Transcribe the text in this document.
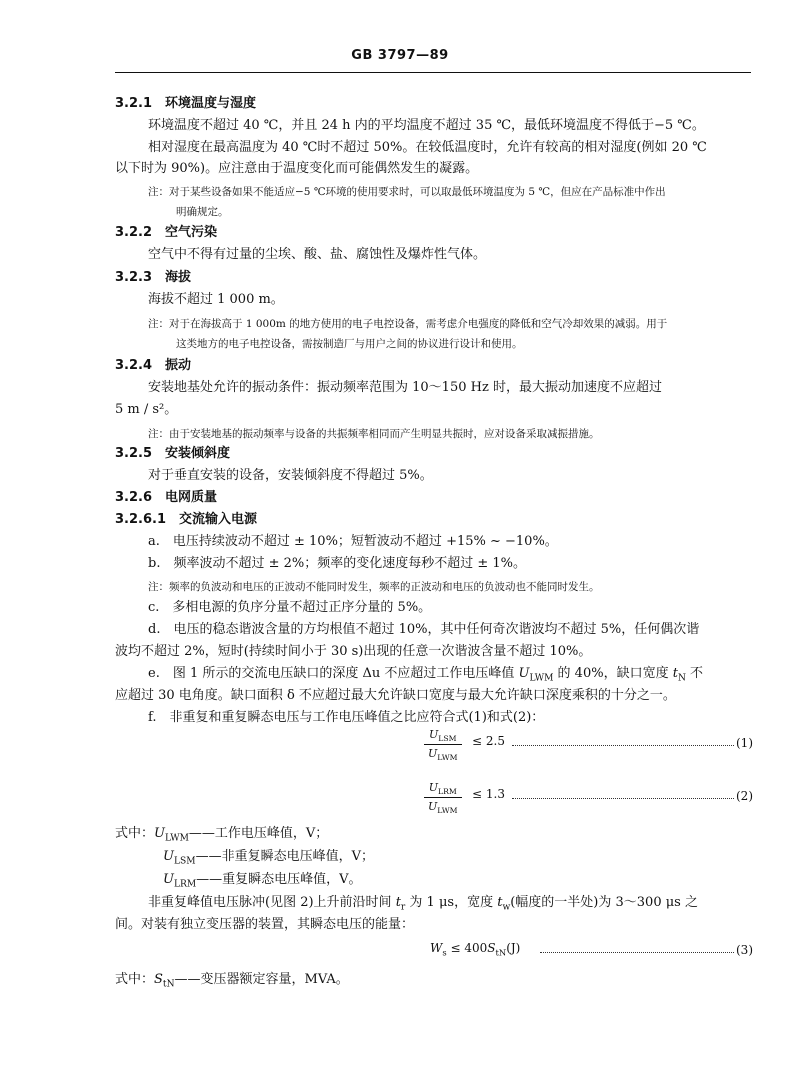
GB 3797—89
3.2.1　环境温度与湿度
环境温度不超过 40 ℃，并且 24 h 内的平均温度不超过 35 ℃，最低环境温度不得低于−5 ℃。
相对湿度在最高温度为 40 ℃时不超过 50%。在较低温度时，允许有较高的相对湿度(例如 20 ℃
以下时为 90%)。应注意由于温度变化而可能偶然发生的凝露。
注：对于某些设备如果不能适应−5 ℃环境的使用要求时，可以取最低环境温度为 5 ℃，但应在产品标准中作出
明确规定。
3.2.2　空气污染
空气中不得有过量的尘埃、酸、盐、腐蚀性及爆炸性气体。
3.2.3　海拔
海拔不超过 1 000 m。
注：对于在海拔高于 1 000m 的地方使用的电子电控设备，需考虑介电强度的降低和空气冷却效果的减弱。用于
这类地方的电子电控设备，需按制造厂与用户之间的协议进行设计和使用。
3.2.4　振动
安装地基处允许的振动条件：振动频率范围为 10～150 Hz 时，最大振动加速度不应超过
5 m / s²。
注：由于安装地基的振动频率与设备的共振频率相同而产生明显共振时，应对设备采取减振措施。
3.2.5　安装倾斜度
对于垂直安装的设备，安装倾斜度不得超过 5%。
3.2.6　电网质量
3.2.6.1　交流输入电源
a.　电压持续波动不超过 ± 10%；短暂波动不超过 +15% ~ −10%。
b.　频率波动不超过 ± 2%；频率的变化速度每秒不超过 ± 1%。
注：频率的负波动和电压的正波动不能同时发生，频率的正波动和电压的负波动也不能同时发生。
c.　多相电源的负序分量不超过正序分量的 5%。
d.　电压的稳态谐波含量的方均根值不超过 10%，其中任何奇次谐波均不超过 5%，任何偶次谐
波均不超过 2%，短时(持续时间小于 30 s)出现的任意一次谐波含量不超过 10%。
e.　图 1 所示的交流电压缺口的深度 Δu 不应超过工作电压峰值 $U_{LWM}$ 的 40%，缺口宽度 $t_N$ 不
应超过 30 电角度。缺口面积 δ 不应超过最大允许缺口宽度与最大允许缺口深度乘积的十分之一。
f.　非重复和重复瞬态电压与工作电压峰值之比应符合式(1)和式(2)：
式中：$U_{LWM}——$工作电压峰值，V；
$U_{LSM}——$非重复瞬态电压峰值，V；
$U_{LRM}——$重复瞬态电压峰值，V。
非重复峰值电压脉冲(见图 2)上升前沿时间 $t_r$ 为 1 μs，宽度 $t_w$(幅度的一半处)为 3～300 μs 之
间。对装有独立变压器的装置，其瞬态电压的能量：
式中：$S_{tN}——$变压器额定容量，MVA。
$U_{LSM}$
$U_{LWM}$
≤ 2.5	(1)
$U_{LRM}$
$U_{LWM}$
≤ 1.3	(2)
$W_s \le 400S_{tN}(J)$	(3)
